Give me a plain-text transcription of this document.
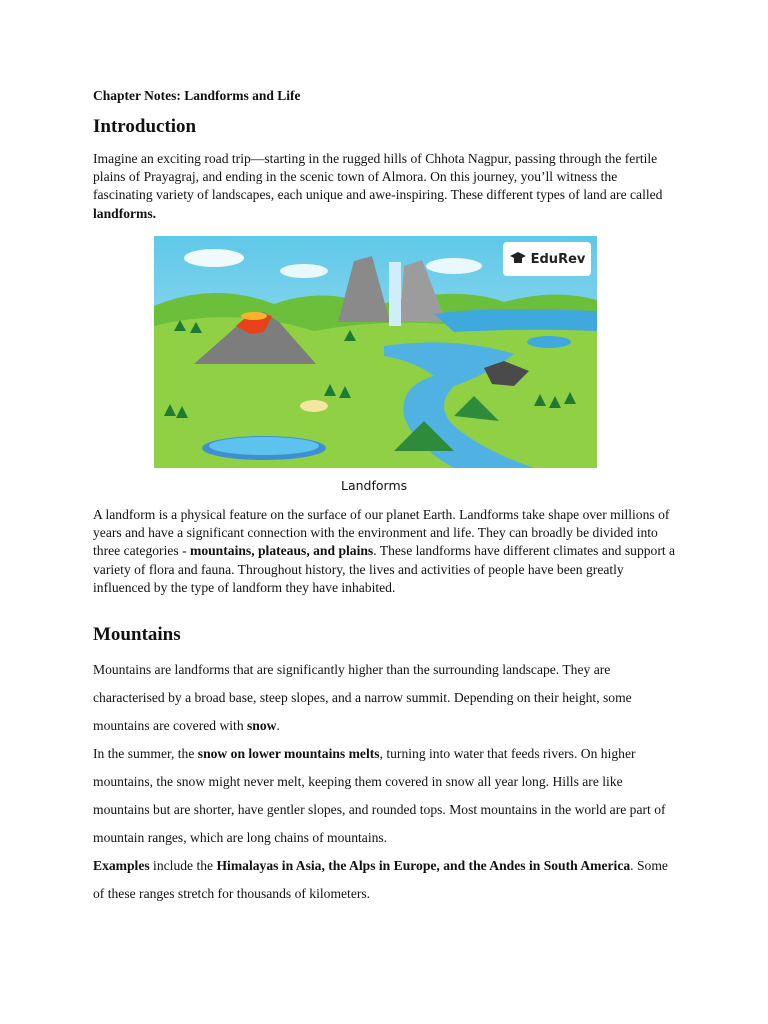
Chapter Notes: Landforms and Life
Introduction

Imagine an exciting road trip—starting in the rugged hills of Chhota Nagpur, passing through the fertile plains of Prayagraj, and ending in the scenic town of Almora. On this journey, you’ll witness the fascinating variety of landscapes, each unique and awe-inspiring. These different types of land are called landforms.

EduRev
Landforms

A landform is a physical feature on the surface of our planet Earth. Landforms take shape over millions of years and have a significant connection with the environment and life. They can broadly be divided into three categories - mountains, plateaus, and plains. These landforms have different climates and support a variety of flora and fauna. Throughout history, the lives and activities of people have been greatly influenced by the type of landform they have inhabited.

Mountains

Mountains are landforms that are significantly higher than the surrounding landscape. They are characterised by a broad base, steep slopes, and a narrow summit. Depending on their height, some mountains are covered with snow.
In the summer, the snow on lower mountains melts, turning into water that feeds rivers. On higher mountains, the snow might never melt, keeping them covered in snow all year long. Hills are like mountains but are shorter, have gentler slopes, and rounded tops. Most mountains in the world are part of mountain ranges, which are long chains of mountains.
Examples include the Himalayas in Asia, the Alps in Europe, and the Andes in South America. Some of these ranges stretch for thousands of kilometers.
